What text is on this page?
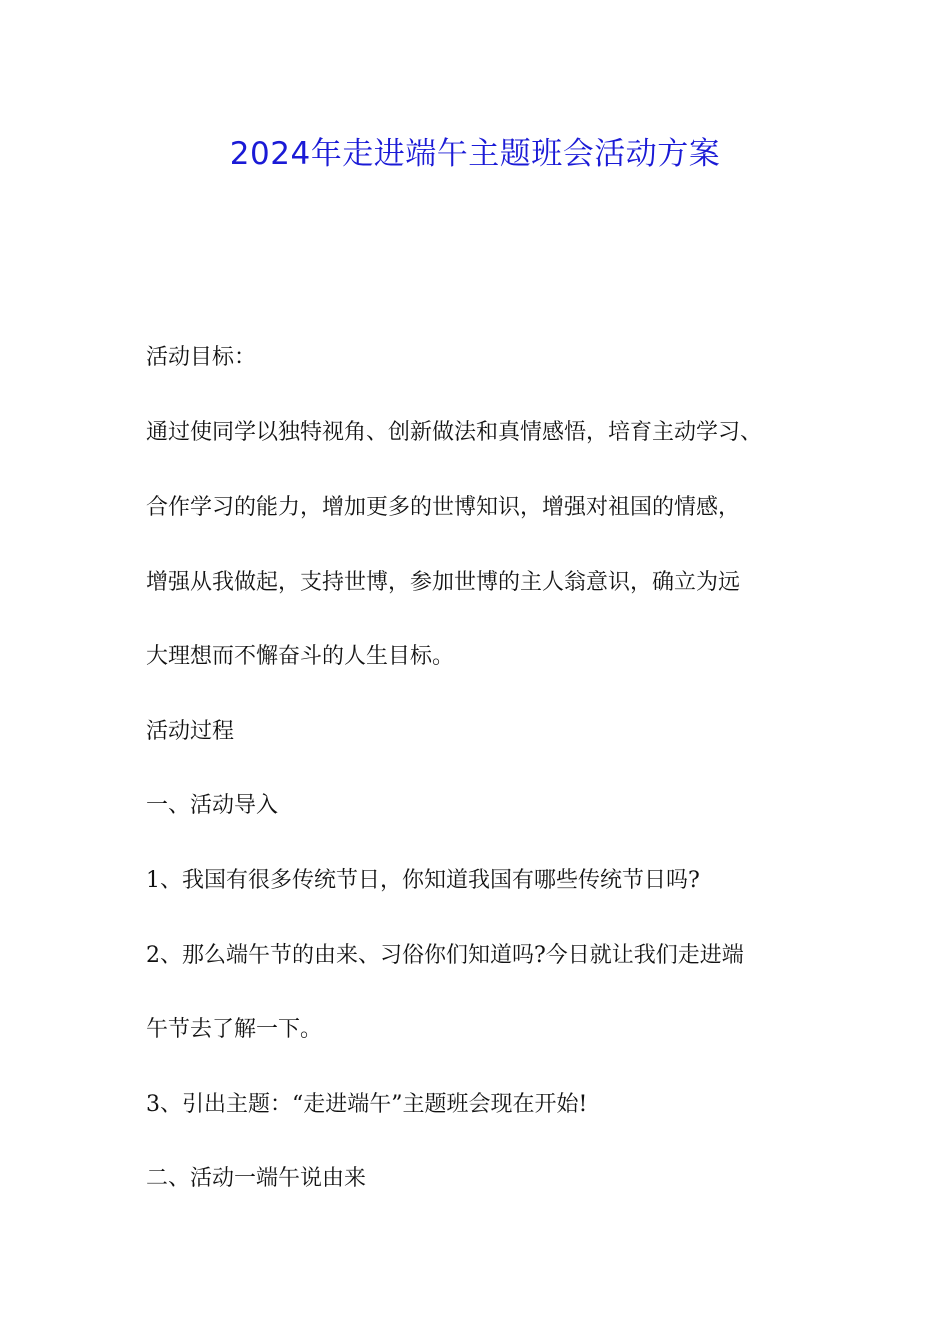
2024年走进端午主题班会活动方案
活动目标：
通过使同学以独特视角、创新做法和真情感悟，培育主动学习、
合作学习的能力，增加更多的世博知识，增强对祖国的情感，
增强从我做起，支持世博，参加世博的主人翁意识，确立为远
大理想而不懈奋斗的人生目标。
活动过程
一、活动导入
1、我国有很多传统节日，你知道我国有哪些传统节日吗?
2、那么端午节的由来、习俗你们知道吗?今日就让我们走进端
午节去了解一下。
3、引出主题：“走进端午”主题班会现在开始!
二、活动一端午说由来
